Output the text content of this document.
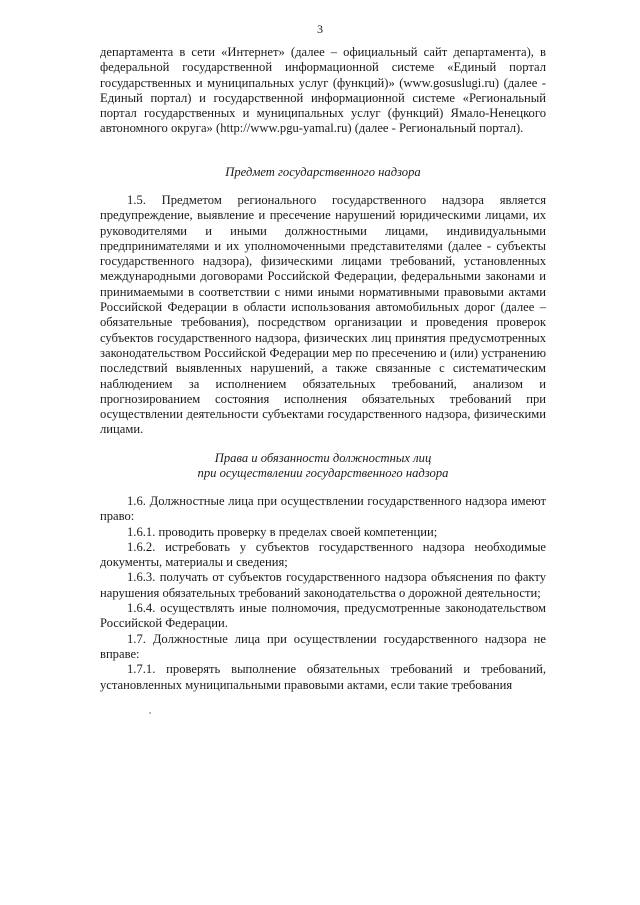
3

департамента в сети «Интернет» (далее – официальный сайт департамента), в федеральной государственной информационной системе «Единый портал государственных и муниципальных услуг (функций)» (www.gosuslugi.ru) (далее - Единый портал) и государственной информационной системе «Региональный портал государственных и муниципальных услуг (функций) Ямало-Ненецкого автономного округа» (http://www.pgu-yamal.ru) (далее - Региональный портал).

Предмет государственного надзора

1.5. Предметом регионального государственного надзора является предупреждение, выявление и пресечение нарушений юридическими лицами, их руководителями и иными должностными лицами, индивидуальными предпринимателями и их уполномоченными представителями (далее - субъекты государственного надзора), физическими лицами требований, установленных международными договорами Российской Федерации, федеральными законами и принимаемыми в соответствии с ними иными нормативными правовыми актами Российской Федерации в области использования автомобильных дорог (далее – обязательные требования), посредством организации и проведения проверок субъектов государственного надзора, физических лиц принятия предусмотренных законодательством Российской Федерации мер по пресечению и (или) устранению последствий выявленных нарушений, а также связанные с систематическим наблюдением за исполнением обязательных требований, анализом и прогнозированием состояния исполнения обязательных требований при осуществлении деятельности субъектами государственного надзора, физическими лицами.

Права и обязанности должностных лиц
при осуществлении государственного надзора

1.6. Должностные лица при осуществлении государственного надзора имеют право:

1.6.1. проводить проверку в пределах своей компетенции;

1.6.2. истребовать у субъектов государственного надзора необходимые документы, материалы и сведения;

1.6.3. получать от субъектов государственного надзора объяснения по факту нарушения обязательных требований законодательства о дорожной деятельности;

1.6.4. осуществлять иные полномочия, предусмотренные законодательством Российской Федерации.

1.7. Должностные лица при осуществлении государственного надзора не вправе:

1.7.1. проверять выполнение обязательных требований и требований, установленных муниципальными правовыми актами, если такие требования
